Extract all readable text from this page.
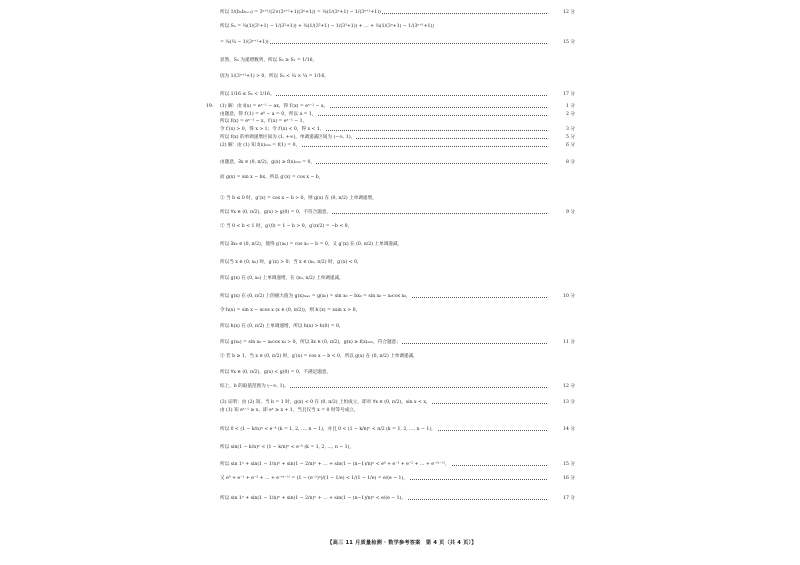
【高三 11 月质量检测 · 数学参考答案　第 4 页（共 4 页）】
所以 1/(bₙbₙ₊₁) = 3ⁿ⁺¹/(2×(3ⁿ⁺¹+1)(3ⁿ+1)) = ¼(1/(3ⁿ+1) − 1/(3ⁿ⁺¹+1))	12 分
所以 Sₙ = ¼(1/(3¹+1) − 1/(3²+1)) + ¼(1/(3²+1) − 1/(3³+1)) + … + ¼(1/(3ⁿ+1) − 1/(3ⁿ⁺¹+1))
= ¼(¼ − 1/(3ⁿ⁺¹+1))	15 分
显然，Sₙ 为递增数列，所以 Sₙ ≥ S₁ = 1/16，
因为 1/(3ⁿ⁺¹+1) > 0，所以 Sₙ < ¼ × ¼ = 1/16，
所以 1/16 ≤ Sₙ < 1/16。	17 分
19. (1) 解：由 f(x) = eˣ⁻¹ − ax，得 f′(x) = eˣ⁻¹ − a，	1 分
由题意，得 f′(1) = e⁰ − a = 0，所以 a = 1，	2 分
所以 f(x) = eˣ⁻¹ − x，f′(x) = eˣ⁻¹ − 1，
令 f′(x) > 0，得 x > 1；令 f′(x) < 0，得 x < 1，	3 分
所以 f(x) 的单调递增区间为 (1, +∞)，单调递减区间为 (−∞, 1)。	5 分
(2) 解：由 (1) 知 f(x)ₘᵢₙ = f(1) = 0，	6 分
由题意，∃x ∈ (0, π/2)，g(x) ≥ f(x)ₘᵢₙ = 0，	8 分
而 g(x) = sin x − bx，所以 g′(x) = cos x − b，
① 当 b ≤ 0 时，g′(x) = cos x − b > 0，则 g(x) 在 (0, π/2) 上单调递增，
所以 ∀x ∈ (0, π/2)，g(x) > g(0) = 0，不符合题意，	9 分
② 当 0 < b < 1 时，g′(0) = 1 − b > 0，g′(π/2) = −b < 0，
所以 ∃x₀ ∈ (0, π/2)，使得 g′(x₀) = cos x₀ − b = 0，又 g′(x) 在 (0, π/2) 上单调递减，
所以当 x ∈ (0, x₀) 时，g′(x) > 0；当 x ∈ (x₀, π/2) 时，g′(x) < 0，
所以 g(x) 在 (0, x₀) 上单调递增，在 (x₀, π/2) 上单调递减，
所以 g(x) 在 (0, π/2) 上的极大值为 g(x)ₘₐₓ = g(x₀) = sin x₀ − bx₀ = sin x₀ − x₀cos x₀，	10 分
令 h(x) = sin x − xcos x (x ∈ (0, π/2))，则 h′(x) = xsin x > 0，
所以 h(x) 在 (0, π/2) 上单调递增，所以 h(x) > h(0) = 0，
所以 g(x₀) = sin x₀ − x₀cos x₀ > 0，所以 ∃x ∈ (0, π/2)，g(x) ≥ f(x)ₘᵢₙ，符合题意；	11 分
③ 若 b ≥ 1，当 x ∈ (0, π/2) 时，g′(x) = cos x − b < 0，所以 g(x) 在 (0, π/2) 上单调递减，
所以 ∀x ∈ (0, π/2)，g(x) < g(0) = 0，不满足题意，
综上，b 的取值范围为 (−∞, 1)。	12 分
(3) 证明：由 (2) 知，当 b = 1 时，g(x) < 0 在 (0, π/2) 上恒成立，即对 ∀x ∈ (0, π/2)，sin x < x，	13 分
由 (1) 知 eˣ⁻¹ ≥ x，即 eˣ ≥ x + 1，当且仅当 x = 0 时等号成立，
所以 0 < (1 − k/n)ⁿ < e⁻ᵏ (k = 1, 2, …, n − 1)，并且 0 < (1 − k/n)ⁿ < π/2 (k = 1, 2, …, n − 1)，	14 分
所以 sin(1 − k/n)ⁿ < (1 − k/n)ⁿ < e⁻ᵏ (k = 1, 2, …, n − 1)，
所以 sin 1ⁿ + sin(1 − 1/n)ⁿ + sin(1 − 2/n)ⁿ + … + sin(1 − (n−1)/n)ⁿ < e⁰ + e⁻¹ + e⁻² + … + e⁻⁽ⁿ⁻¹⁾，	15 分
又 e⁰ + e⁻¹ + e⁻² + … + e⁻⁽ⁿ⁻¹⁾ = (1 − (e⁻¹)ⁿ)/(1 − 1/e) < 1/(1 − 1/e) = e/(e − 1)，	16 分
所以 sin 1ⁿ + sin(1 − 1/n)ⁿ + sin(1 − 2/n)ⁿ + … + sin(1 − (n−1)/n)ⁿ < e/(e − 1)。	17 分
